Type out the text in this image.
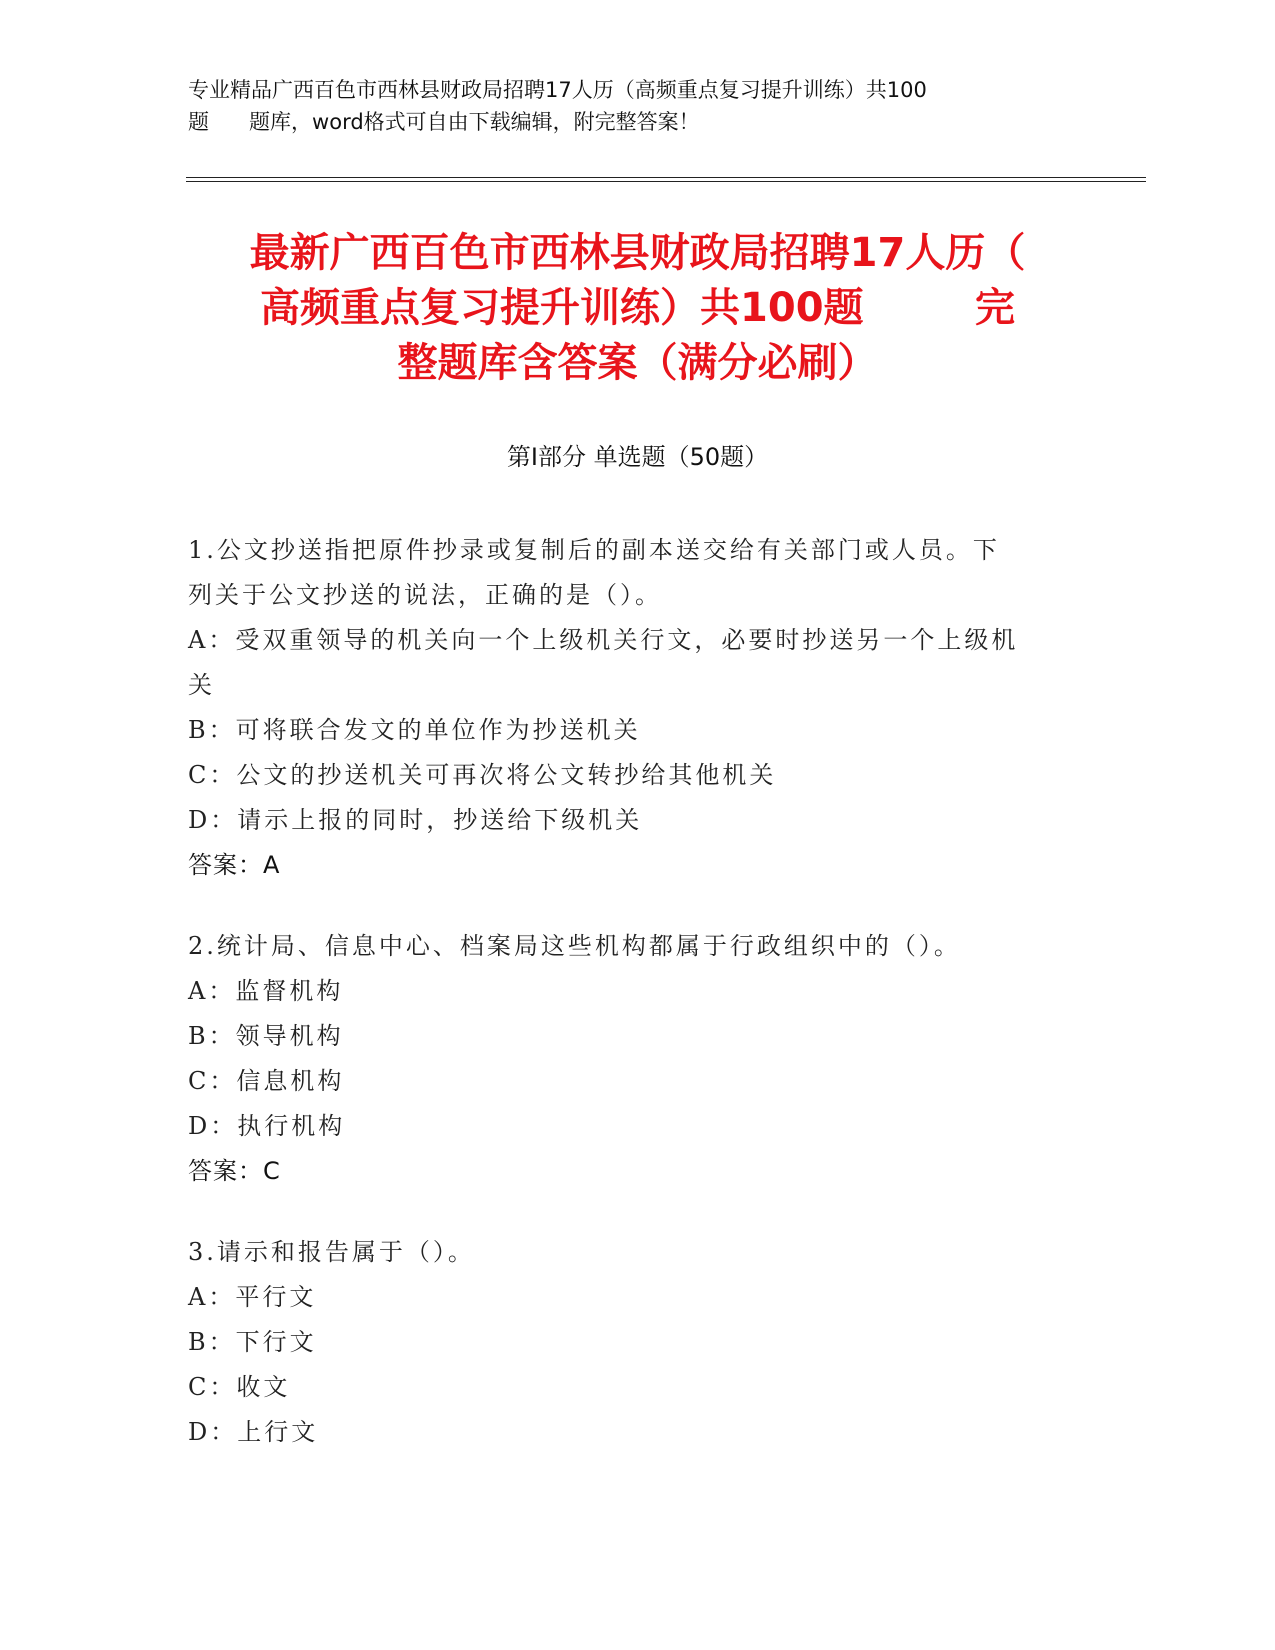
专业精品广西百色市西林县财政局招聘17人历（高频重点复习提升训练）共100
题      题库，word格式可自由下载编辑，附完整答案！
最新广西百色市西林县财政局招聘17人历（
高频重点复习提升训练）共100题        完
整题库含答案（满分必刷）
第Ⅰ部分 单选题（50题）
1.公文抄送指把原件抄录或复制后的副本送交给有关部门或人员。下
列关于公文抄送的说法，正确的是（）。
A：受双重领导的机关向一个上级机关行文，必要时抄送另一个上级机
关
B：可将联合发文的单位作为抄送机关
C：公文的抄送机关可再次将公文转抄给其他机关
D：请示上报的同时，抄送给下级机关
答案：A
2.统计局、信息中心、档案局这些机构都属于行政组织中的（）。
A：监督机构
B：领导机构
C：信息机构
D：执行机构
答案：C
3.请示和报告属于（）。
A：平行文
B：下行文
C：收文
D：上行文
